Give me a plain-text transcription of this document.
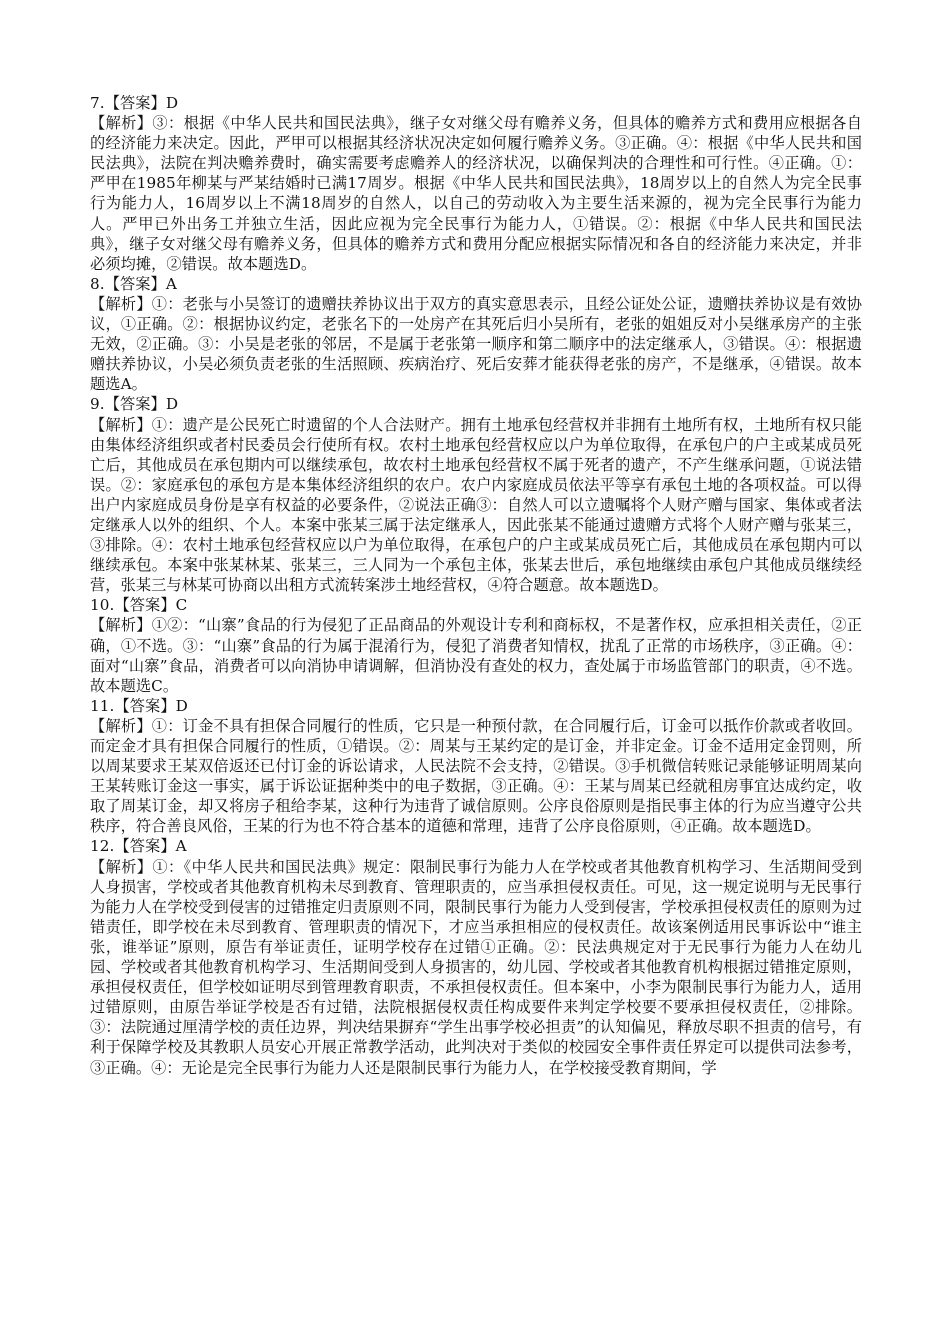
7.【答案】D

【解析】③：根据《中华人民共和国民法典》，继子女对继父母有赡养义务，但具体的赡养方式和费用应根据各自的经济能力来决定。因此，严甲可以根据其经济状况决定如何履行赡养义务。③正确。④：根据《中华人民共和国民法典》，法院在判决赡养费时，确实需要考虑赡养人的经济状况，以确保判决的合理性和可行性。④正确。①：严甲在1985年柳某与严某结婚时已满17周岁。根据《中华人民共和国民法典》，18周岁以上的自然人为完全民事行为能力人，16周岁以上不满18周岁的自然人，以自己的劳动收入为主要生活来源的，视为完全民事行为能力人。严甲已外出务工并独立生活，因此应视为完全民事行为能力人，①错误。②：根据《中华人民共和国民法典》，继子女对继父母有赡养义务，但具体的赡养方式和费用分配应根据实际情况和各自的经济能力来决定，并非必须均摊，②错误。故本题选D。

8.【答案】A

【解析】①：老张与小吴签订的遗赠扶养协议出于双方的真实意思表示，且经公证处公证，遗赠扶养协议是有效协议，①正确。②：根据协议约定，老张名下的一处房产在其死后归小吴所有，老张的姐姐反对小吴继承房产的主张无效，②正确。③：小吴是老张的邻居，不是属于老张第一顺序和第二顺序中的法定继承人，③错误。④：根据遗赠扶养协议，小吴必须负责老张的生活照顾、疾病治疗、死后安葬才能获得老张的房产，不是继承，④错误。故本题选A。

9.【答案】D

【解析】①：遗产是公民死亡时遗留的个人合法财产。拥有土地承包经营权并非拥有土地所有权，土地所有权只能由集体经济组织或者村民委员会行使所有权。农村土地承包经营权应以户为单位取得，在承包户的户主或某成员死亡后，其他成员在承包期内可以继续承包，故农村土地承包经营权不属于死者的遗产，不产生继承问题，①说法错误。②：家庭承包的承包方是本集体经济组织的农户。农户内家庭成员依法平等享有承包土地的各项权益。可以得出户内家庭成员身份是享有权益的必要条件，②说法正确③：自然人可以立遗嘱将个人财产赠与国家、集体或者法定继承人以外的组织、个人。本案中张某三属于法定继承人，因此张某不能通过遗赠方式将个人财产赠与张某三，③排除。④：农村土地承包经营权应以户为单位取得，在承包户的户主或某成员死亡后，其他成员在承包期内可以继续承包。本案中张某林某、张某三，三人同为一个承包主体，张某去世后，承包地继续由承包户其他成员继续经营，张某三与林某可协商以出租方式流转案涉土地经营权，④符合题意。故本题选D。

10.【答案】C

【解析】①②：“山寨”食品的行为侵犯了正品商品的外观设计专利和商标权，不是著作权，应承担相关责任，②正确，①不选。③：“山寨”食品的行为属于混淆行为，侵犯了消费者知情权，扰乱了正常的市场秩序，③正确。④：面对“山寨”食品，消费者可以向消协申请调解，但消协没有查处的权力，查处属于市场监管部门的职责，④不选。故本题选C。

11.【答案】D

【解析】①：订金不具有担保合同履行的性质，它只是一种预付款，在合同履行后，订金可以抵作价款或者收回。而定金才具有担保合同履行的性质，①错误。②：周某与王某约定的是订金，并非定金。订金不适用定金罚则，所以周某要求王某双倍返还已付订金的诉讼请求，人民法院不会支持，②错误。③手机微信转账记录能够证明周某向王某转账订金这一事实，属于诉讼证据种类中的电子数据，③正确。④：王某与周某已经就租房事宜达成约定，收取了周某订金，却又将房子租给李某，这种行为违背了诚信原则。公序良俗原则是指民事主体的行为应当遵守公共秩序，符合善良风俗，王某的行为也不符合基本的道德和常理，违背了公序良俗原则，④正确。故本题选D。

12.【答案】A

【解析】①：《中华人民共和国民法典》规定：限制民事行为能力人在学校或者其他教育机构学习、生活期间受到人身损害，学校或者其他教育机构未尽到教育、管理职责的，应当承担侵权责任。可见，这一规定说明与无民事行为能力人在学校受到侵害的过错推定归责原则不同，限制民事行为能力人受到侵害，学校承担侵权责任的原则为过错责任，即学校在未尽到教育、管理职责的情况下，才应当承担相应的侵权责任。故该案例适用民事诉讼中“谁主张，谁举证”原则，原告有举证责任，证明学校存在过错①正确。②：民法典规定对于无民事行为能力人在幼儿园、学校或者其他教育机构学习、生活期间受到人身损害的，幼儿园、学校或者其他教育机构根据过错推定原则，承担侵权责任，但学校如证明尽到管理教育职责，不承担侵权责任。但本案中，小李为限制民事行为能力人，适用过错原则，由原告举证学校是否有过错，法院根据侵权责任构成要件来判定学校要不要承担侵权责任，②排除。③：法院通过厘清学校的责任边界，判决结果摒弃“学生出事学校必担责”的认知偏见，释放尽职不担责的信号，有利于保障学校及其教职人员安心开展正常教学活动，此判决对于类似的校园安全事件责任界定可以提供司法参考，③正确。④：无论是完全民事行为能力人还是限制民事行为能力人，在学校接受教育期间，学
